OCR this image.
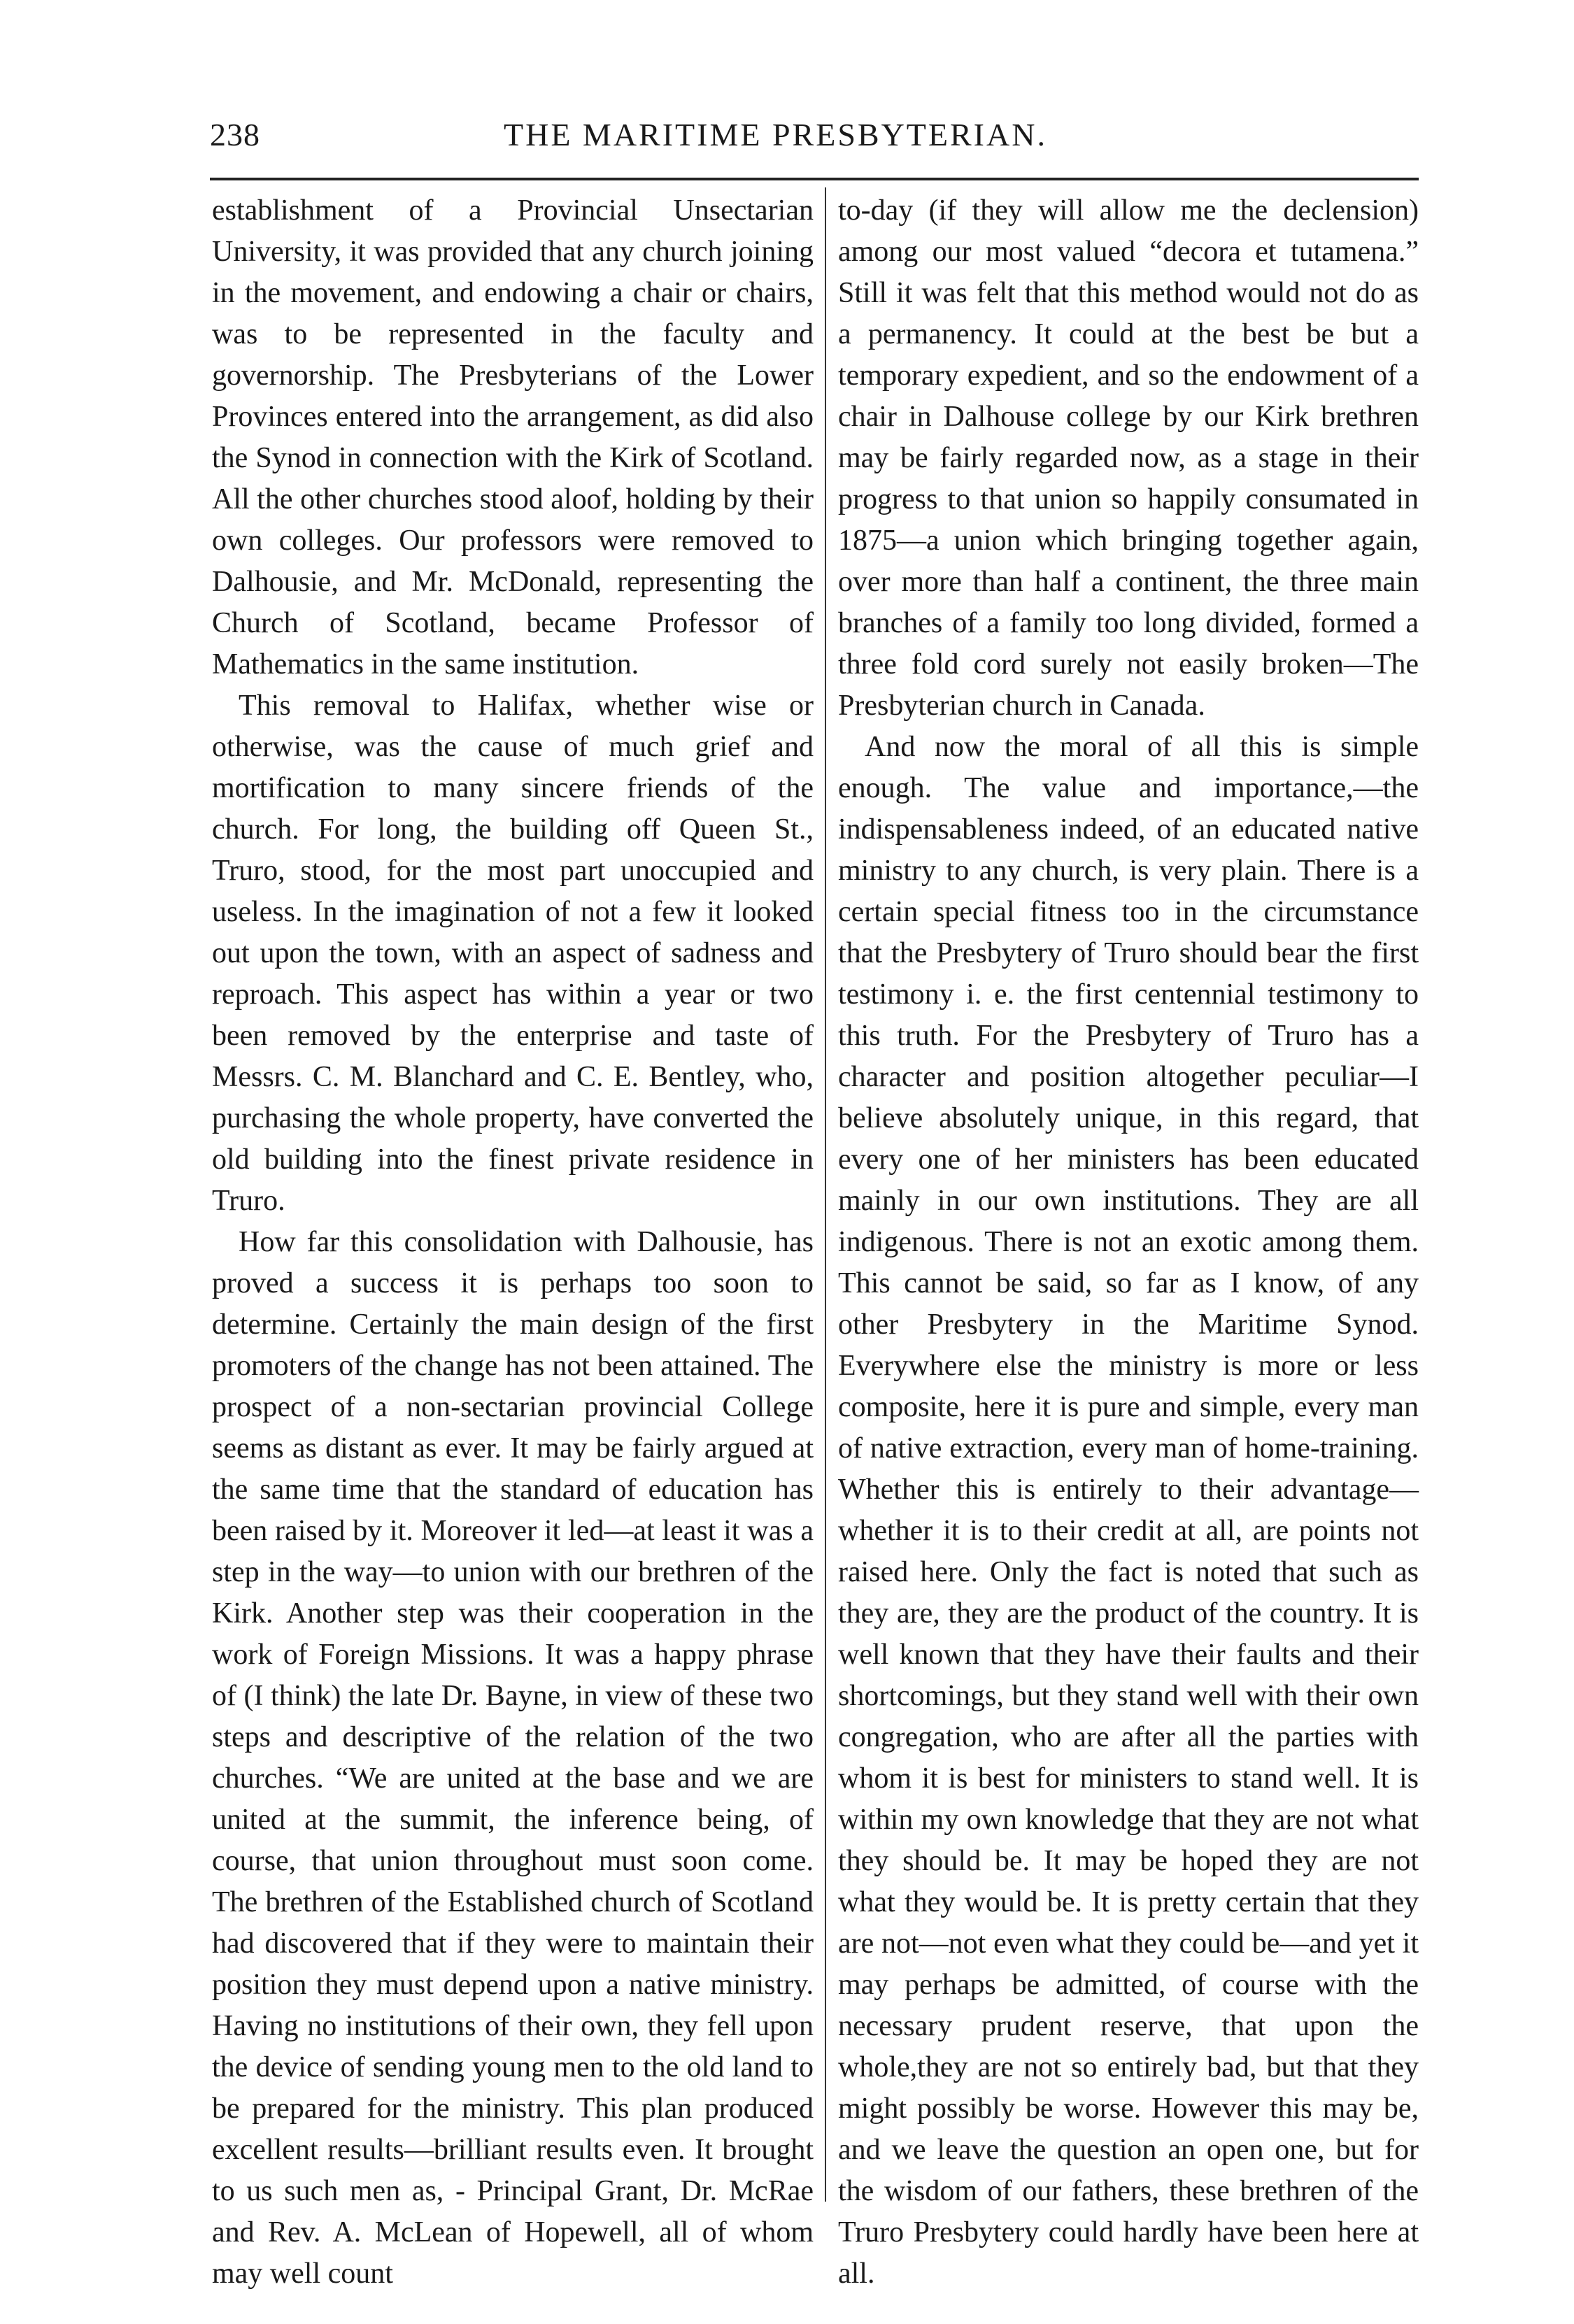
238	THE MARITIME PRESBYTERIAN.

establishment of a Provincial Unsectarian University, it was provided that any church joining in the movement, and endowing a chair or chairs, was to be represented in the faculty and governorship. The Presbyterians of the Lower Provinces entered into the arrangement, as did also the Synod in connection with the Kirk of Scotland. All the other churches stood aloof, holding by their own colleges. Our professors were removed to Dalhousie, and Mr. McDonald, representing the Church of Scotland, became Professor of Mathematics in the same institution.

This removal to Halifax, whether wise or otherwise, was the cause of much grief and mortification to many sincere friends of the church. For long, the building off Queen St., Truro, stood, for the most part unoccupied and useless. In the imagination of not a few it looked out upon the town, with an aspect of sadness and reproach. This aspect has within a year or two been removed by the enterprise and taste of Messrs. C. M. Blanchard and C. E. Bentley, who, purchasing the whole property, have converted the old building into the finest private residence in Truro.

How far this consolidation with Dalhousie, has proved a success it is perhaps too soon to determine. Certainly the main design of the first promoters of the change has not been attained. The prospect of a non-sectarian provincial College seems as distant as ever. It may be fairly argued at the same time that the standard of education has been raised by it. Moreover it led—at least it was a step in the way—to union with our brethren of the Kirk. Another step was their cooperation in the work of Foreign Missions. It was a happy phrase of (I think) the late Dr. Bayne, in view of these two steps and descriptive of the relation of the two churches. “We are united at the base and we are united at the summit, the inference being, of course, that union throughout must soon come. The brethren of the Established church of Scotland had discovered that if they were to maintain their position they must depend upon a native ministry. Having no institutions of their own, they fell upon the device of sending young men to the old land to be prepared for the ministry. This plan produced excellent results—brilliant results even. It brought to us such men as, - Principal Grant, Dr. McRae and Rev. A. McLean of Hopewell, all of whom may well count

to-day (if they will allow me the declension) among our most valued “decora et tutamena.” Still it was felt that this method would not do as a permanency. It could at the best be but a temporary expedient, and so the endowment of a chair in Dalhouse college by our Kirk brethren may be fairly regarded now, as a stage in their progress to that union so happily consumated in 1875—a union which bringing together again, over more than half a continent, the three main branches of a family too long divided, formed a three fold cord surely not easily broken—The Presbyterian church in Canada.

And now the moral of all this is simple enough. The value and importance,—the indispensableness indeed, of an educated native ministry to any church, is very plain. There is a certain special fitness too in the circumstance that the Presbytery of Truro should bear the first testimony i. e. the first centennial testimony to this truth. For the Presbytery of Truro has a character and position altogether peculiar—I believe absolutely unique, in this regard, that every one of her ministers has been educated mainly in our own institutions. They are all indigenous. There is not an exotic among them. This cannot be said, so far as I know, of any other Presbytery in the Maritime Synod. Everywhere else the ministry is more or less composite, here it is pure and simple, every man of native extraction, every man of home-training. Whether this is entirely to their advantage—whether it is to their credit at all, are points not raised here. Only the fact is noted that such as they are, they are the product of the country. It is well known that they have their faults and their shortcomings, but they stand well with their own congregation, who are after all the parties with whom it is best for ministers to stand well. It is within my own knowledge that they are not what they should be. It may be hoped they are not what they would be. It is pretty certain that they are not—not even what they could be—and yet it may perhaps be admitted, of course with the necessary prudent reserve, that upon the whole,they are not so entirely bad, but that they might possibly be worse. However this may be, and we leave the question an open one, but for the wisdom of our fathers, these brethren of the Truro Presbytery could hardly have been here at all.
